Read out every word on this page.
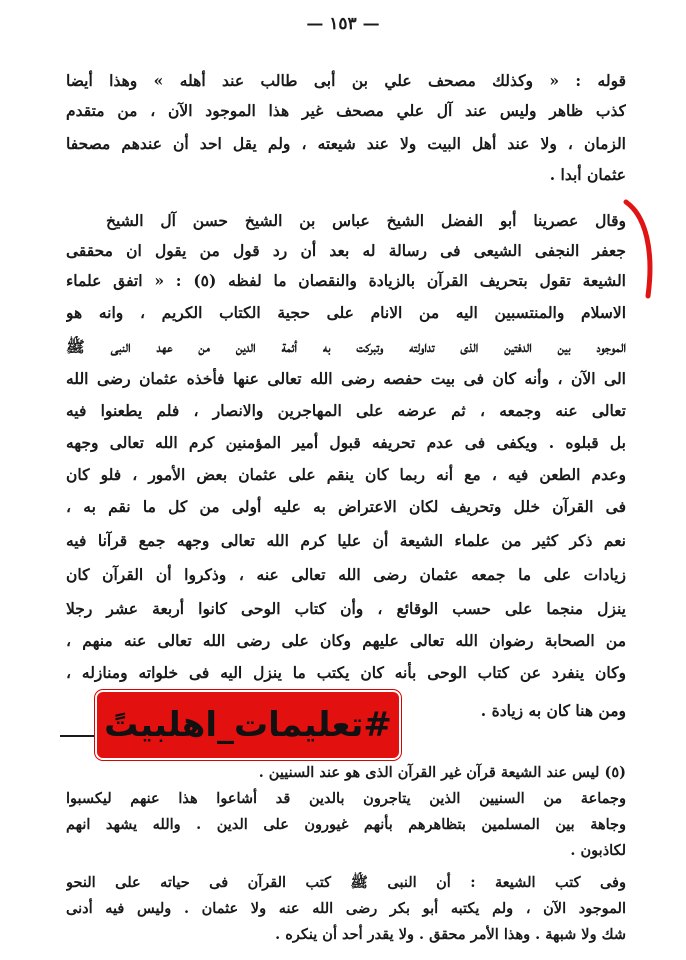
— ١٥٣ —
قوله : « وكذلك مصحف علي بن أبى طالب عند أهله » وهذا أيضا
كذب ظاهر وليس عند آل علي مصحف غير هذا الموجود الآن ، من متقدم
الزمان ، ولا عند أهل البيت ولا عند شيعته ، ولم يقل احد أن عندهم مصحفا
عثمان أبدا .
وقال عصرينا أبو الفضل الشيخ عباس بن الشيخ حسن آل الشيخ
جعفر النجفى الشيعى فى رسالة له بعد أن رد قول من يقول ان محققى
الشيعة تقول بتحريف القرآن بالزيادة والنقصان ما لفظه (٥) : « اتفق علماء
الاسلام والمنتسبين اليه من الانام على حجية الكتاب الكريم ، وانه هو
الموجود بين الدفتين الذى تداولته وتبركت به أئمة الدين من عهد النبى ﷺ
الى الآن ، وأنه كان فى بيت حفصه رضى الله تعالى عنها فأخذه عثمان رضى الله
تعالى عنه وجمعه ، ثم عرضه على المهاجرين والانصار ، فلم يطعنوا فيه
بل قبلوه . ويكفى فى عدم تحريفه قبول أمير المؤمنين كرم الله تعالى وجهه
وعدم الطعن فيه ، مع أنه ربما كان ينقم على عثمان بعض الأمور ، فلو كان
فى القرآن خلل وتحريف لكان الاعتراض به عليه أولى من كل ما نقم به ،
نعم ذكر كثير من علماء الشيعة أن عليا كرم الله تعالى وجهه جمع قرآنا فيه
زيادات على ما جمعه عثمان رضى الله تعالى عنه ، وذكروا أن القرآن كان
ينزل منجما على حسب الوقائع ، وأن كتاب الوحى كانوا أربعة عشر رجلا
من الصحابة رضوان الله تعالى عليهم وكان على رضى الله تعالى عنه منهم ،
وكان ينفرد عن كتاب الوحى بأنه كان يكتب ما ينزل اليه فى خلواته ومنازله ،
ومن هنا كان به زيادة .
(٥) ليس عند الشيعة قرآن غير القرآن الذى هو عند السنيين .
وجماعة من السنيين الذين يتاجرون بالدين قد أشاعوا هذا عنهم ليكسبوا
وجاهة بين المسلمين بتظاهرهم بأنهم غيورون على الدين . والله يشهد انهم
لكاذبون .
وفى كتب الشيعة : أن النبى ﷺ كتب القرآن فى حياته على النحو
الموجود الآن ، ولم يكتبه أبو بكر رضى الله عنه ولا عثمان . وليس فيه أدنى
شك ولا شبهة . وهذا الأمر محقق . ولا يقدر أحد أن ينكره .
#تعليمات_اهلبيتً
